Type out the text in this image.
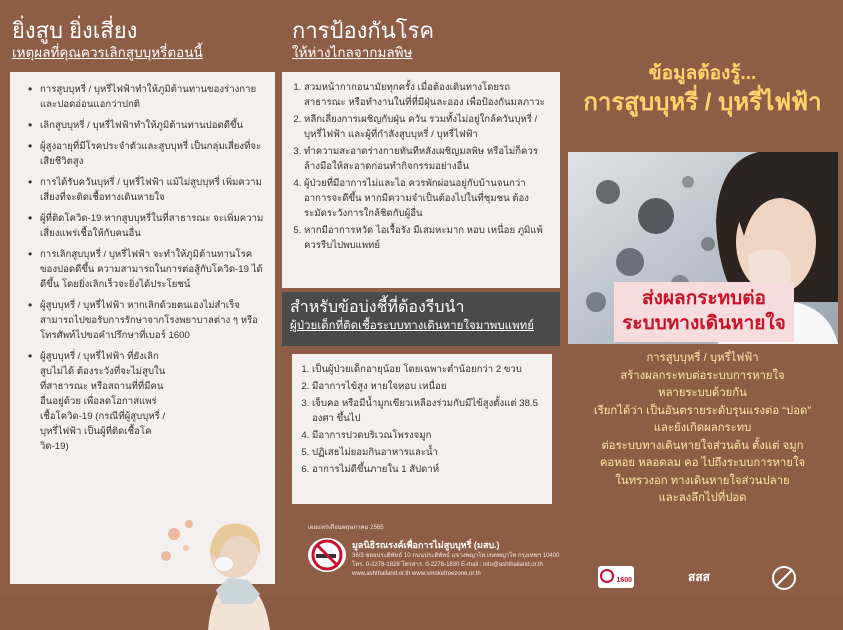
ยิ่งสูบ ยิ่งเสี่ยง
เหตุผลที่คุณควรเลิกสูบบุหรี่ตอนนี้
• การสูบบุหรี่ / บุหรี่ไฟฟ้าทำให้ภูมิต้านทานของร่างกายและปอดอ่อนแอกว่าปกติ
• เลิกสูบบุหรี่ / บุหรี่ไฟฟ้าทำให้ภูมิต้านทานปอดดีขึ้น
• ผู้สูงอายุที่มีโรคประจำตัวและสูบบุหรี่ เป็นกลุ่มเสี่ยงที่จะเสียชีวิตสูง
• การได้รับควันบุหรี่ / บุหรี่ไฟฟ้า แม้ไม่สูบบุหรี่ เพิ่มความเสี่ยงที่จะติดเชื้อทางเดินหายใจ
• ผู้ที่ติดโควิด-19 หากสูบบุหรี่ในที่สาธารณะ จะเพิ่มความเสี่ยงแพร่เชื้อให้กับคนอื่น
• การเลิกสูบบุหรี่ / บุหรี่ไฟฟ้า จะทำให้ภูมิต้านทานโรคของปอดดีขึ้น ความสามารถในการต่อสู้กับโควิด-19 ได้ดีขึ้น โดยยิ่งเลิกเร็วจะยิ่งได้ประโยชน์
• ผู้สูบบุหรี่ / บุหรี่ไฟฟ้า หากเลิกด้วยตนเองไม่สำเร็จ สามารถไปขอรับการรักษาจากโรงพยาบาลต่าง ๆ หรือโทรศัพท์ไปขอคำปรึกษาที่เบอร์ 1600
• ผู้สูบบุหรี่ / บุหรี่ไฟฟ้า ที่ยังเลิกสูบไม่ได้ ต้องระวังที่จะไม่สูบในที่สาธารณะ หรือสถานที่ที่มีคนอื่นอยู่ด้วย เพื่อลดโอกาสแพร่เชื้อโควิด-19 (กรณีที่ผู้สูบบุหรี่ / บุหรี่ไฟฟ้า เป็นผู้ที่ติดเชื้อโควิด-19)
การป้องกันโรค
ให้ห่างไกลจากมลพิษ
1. สวมหน้ากากอนามัยทุกครั้ง เมื่อต้องเดินทางโดยรถสาธารณะ หรือทำงานในที่ที่มีฝุ่นละออง เพื่อป้องกันมลภาวะ
2. หลีกเลี่ยงการเผชิญกับฝุ่น ควัน รวมทั้งไม่อยู่ใกล้ควันบุหรี่ / บุหรี่ไฟฟ้า และผู้ที่กำลังสูบบุหรี่ / บุหรี่ไฟฟ้า
3. ทำความสะอาดร่างกายทันทีหลังเผชิญมลพิษ หรือไม่ก็ควรล้างมือให้สะอาดก่อนทำกิจกรรมอย่างอื่น
4. ผู้ป่วยที่มีอาการไม่และไอ ควรพักผ่อนอยู่กับบ้านจนกว่าอาการจะดีขึ้น หากมีความจำเป็นต้องไปในที่ชุมชน ต้องระมัดระวังการใกล้ชิดกับผู้อื่น
5. หากมีอาการหวัด ไอเรื้อรัง มีเสมหะมาก หอบ เหนื่อย ภูมิแพ้ ควรรีบไปพบแพทย์
สำหรับข้อบ่งชี้ที่ต้องรีบนำ
ผู้ป่วยเด็กที่ติดเชื้อระบบทางเดินหายใจมาพบแพทย์
1. เป็นผู้ป่วยเด็กอายุน้อย โดยเฉพาะต่ำน้อยกว่า 2 ขวบ
2. มีอาการไข้สูง หายใจหอบ เหนื่อย
3. เจ็บคอ หรือมีน้ำมูกเขียวเหลืองร่วมกับมีไข้สูงตั้งแต่ 38.5 องศา ขึ้นไป
4. มีอาการปวดบริเวณโพรงจมูก
5. ปฏิเสธไม่ยอมกินอาหารและน้ำ
6. อาการไม่ดีขึ้นภายใน 1 สัปดาห์
เผยแพร่เดือนพฤษภาคม 2565
มูลนิธิรณรงค์เพื่อการไม่สูบบุหรี่ (มสบ.)
36/3 ซอยประดิพัทธ์ 10 ถนนประดิพัทธ์ แขวงพญาไท เขตพญาไท กรุงเทพฯ 10400
โทร. 0-2278-1828 โทรสาร. 0-2278-1830 E-mail : info@ashthailand.or.th
www.ashthailand.or.th www.smokefreezone.or.th
ข้อมูลต้องรู้...
การสูบบุหรี่ / บุหรี่ไฟฟ้า
ส่งผลกระทบต่อ
ระบบทางเดินหายใจ
การสูบบุหรี่ / บุหรี่ไฟฟ้า
สร้างผลกระทบต่อระบบการหายใจ
หลายระบบด้วยกัน
เรียกได้ว่า เป็นอันตรายระดับรุนแรงต่อ “ปอด”
และยังเกิดผลกระทบ
ต่อระบบทางเดินหายใจส่วนต้น ตั้งแต่ จมูก
คอหอย หลอดลม คอ ไปถึงระบบการหายใจ
ในทรวงอก ทางเดินหายใจส่วนปลาย
และลงลึกไปที่ปอด
1600	สสส
